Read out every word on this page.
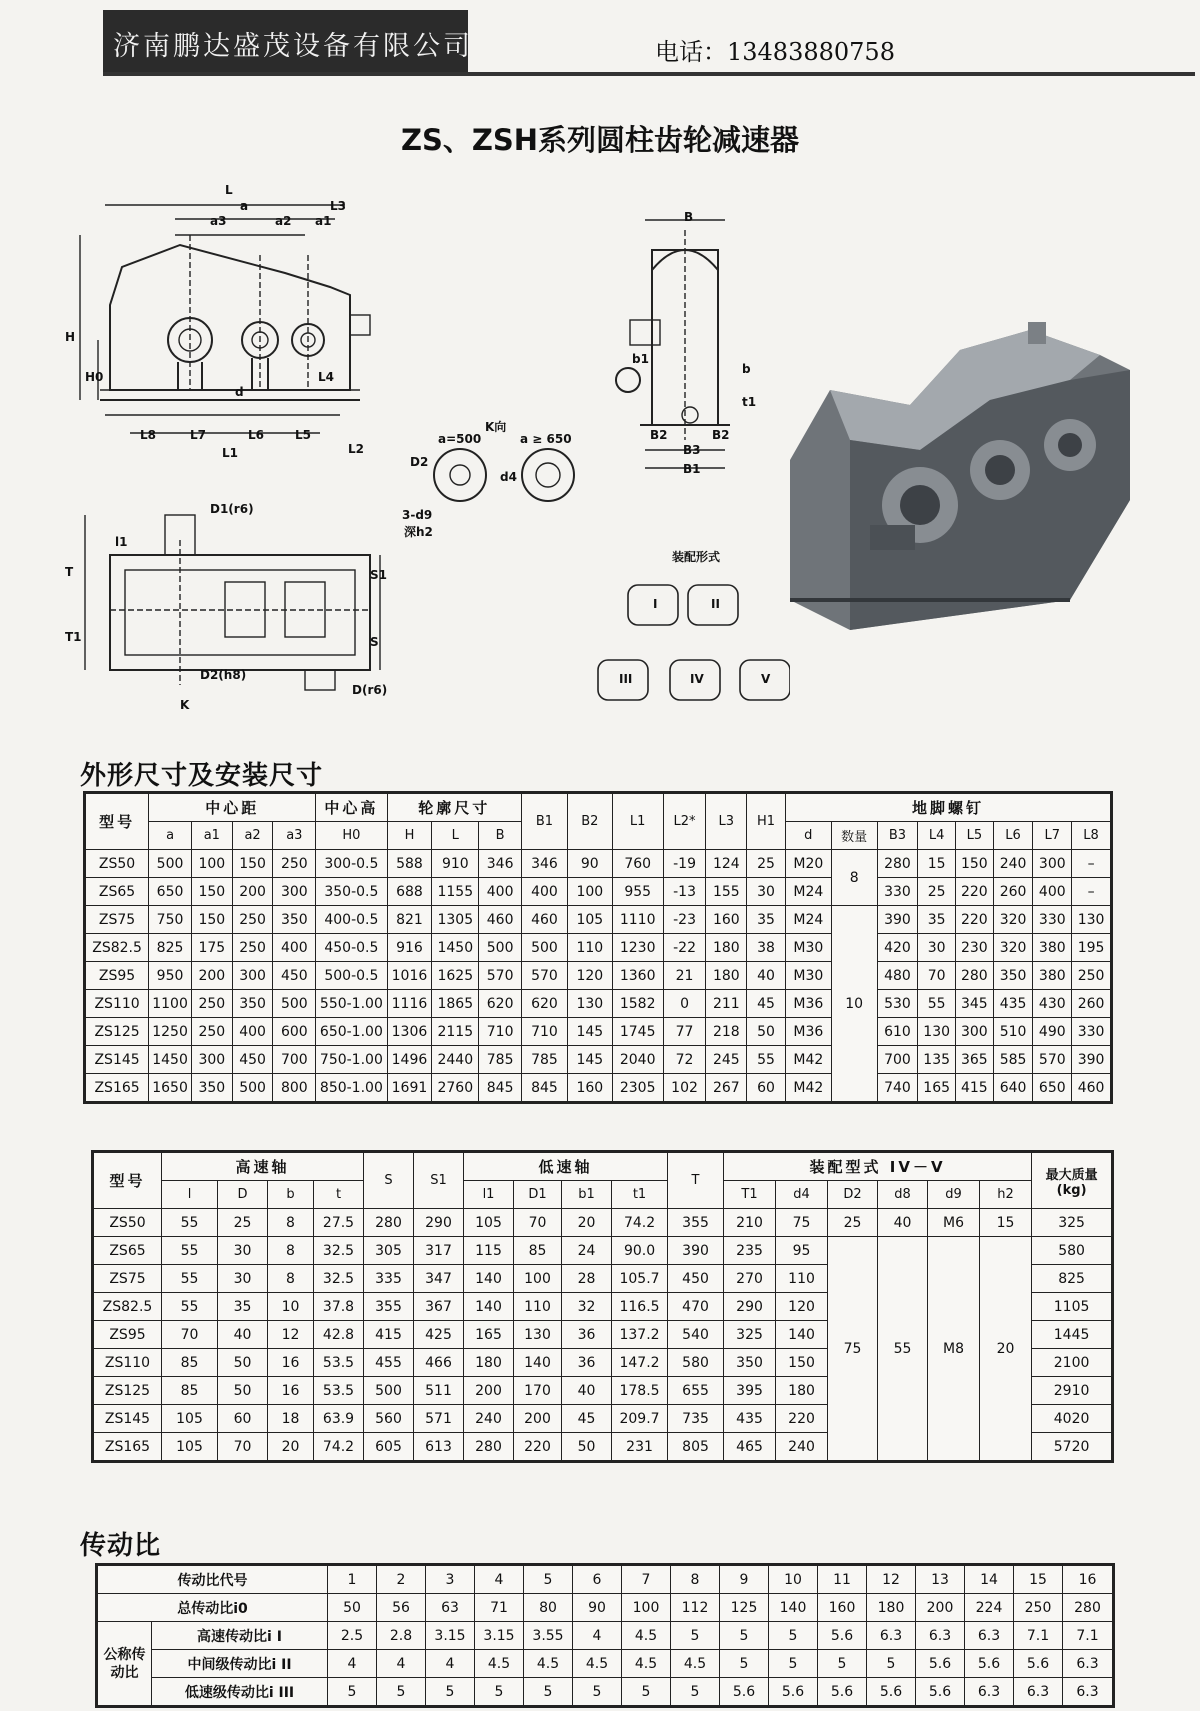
济南鹏达盛茂设备有限公司	电话：13483880758
ZS、ZSH系列圆柱齿轮减速器
L
a	L3
a3	a2 a1
H
H0
d
L4
L8	L7	L6	L5
L1	L2
D1(r6)
l1
T
T1
S1
S
D2(h8)
D(r6)
K
K向
a=500	a ≥ 650
D2
d4
3-d9
深h2
B
b1
b
t1
B2	B2
B3
B1
装配形式
I	II
III	IV	V
外形尺寸及安装尺寸
型号	中心距				中心高	轮廓尺寸			B1	B2	L1	L2*	L3	H1	地脚螺钉							
	a	a1	a2	a3	H0	H	L	B							d	数量	B3	L4	L5	L6	L7	L8
ZS50	500	100	150	250	300-0.5	588	910	346	346	90	760	-19	124	25	M20	8	280	15	150	240	300	–
ZS65	650	150	200	300	350-0.5	688	1155	400	400	100	955	-13	155	30	M24		330	25	220	260	400	–
ZS75	750	150	250	350	400-0.5	821	1305	460	460	105	1110	-23	160	35	M24	10	390	35	220	320	330	130
ZS82.5	825	175	250	400	450-0.5	916	1450	500	500	110	1230	-22	180	38	M30		420	30	230	320	380	195
ZS95	950	200	300	450	500-0.5	1016	1625	570	570	120	1360	21	180	40	M30		480	70	280	350	380	250
ZS110	1100	250	350	500	550-1.00	1116	1865	620	620	130	1582	0	211	45	M36		530	55	345	435	430	260
ZS125	1250	250	400	600	650-1.00	1306	2115	710	710	145	1745	77	218	50	M36		610	130	300	510	490	330
ZS145	1450	300	450	700	750-1.00	1496	2440	785	785	145	2040	72	245	55	M42		700	135	365	585	570	390
ZS165	1650	350	500	800	850-1.00	1691	2760	845	845	160	2305	102	267	60	M42		740	165	415	640	650	460
型号	高速轴				S	S1	低速轴				T	装配型式 IV－V						最大质量(kg)
	l	D	b	t			l1	D1	b1	t1		T1	d4	D2	d8	d9	h2	
ZS50	55	25	8	27.5	280	290	105	70	20	74.2	355	210	75	25	40	M6	15	325
ZS65	55	30	8	32.5	305	317	115	85	24	90.0	390	235	95	75	55	M8	20	580
ZS75	55	30	8	32.5	335	347	140	100	28	105.7	450	270	110					825
ZS82.5	55	35	10	37.8	355	367	140	110	32	116.5	470	290	120					1105
ZS95	70	40	12	42.8	415	425	165	130	36	137.2	540	325	140					1445
ZS110	85	50	16	53.5	455	466	180	140	36	147.2	580	350	150					2100
ZS125	85	50	16	53.5	500	511	200	170	40	178.5	655	395	180					2910
ZS145	105	60	18	63.9	560	571	240	200	45	209.7	735	435	220					4020
ZS165	105	70	20	74.2	605	613	280	220	50	231	805	465	240					5720
传动比
传动比代号		1	2	3	4	5	6	7	8	9	10	11	12	13	14	15	16
总传动比i0		50	56	63	71	80	90	100	112	125	140	160	180	200	224	250	280
公称传动比	高速传动比i I	2.5	2.8	3.15	3.15	3.55	4	4.5	5	5	5	5.6	6.3	6.3	6.3	7.1	7.1
	中间级传动比i II	4	4	4	4.5	4.5	4.5	4.5	4.5	5	5	5	5	5.6	5.6	5.6	6.3
	低速级传动比i III	5	5	5	5	5	5	5	5	5.6	5.6	5.6	5.6	5.6	6.3	6.3	6.3
